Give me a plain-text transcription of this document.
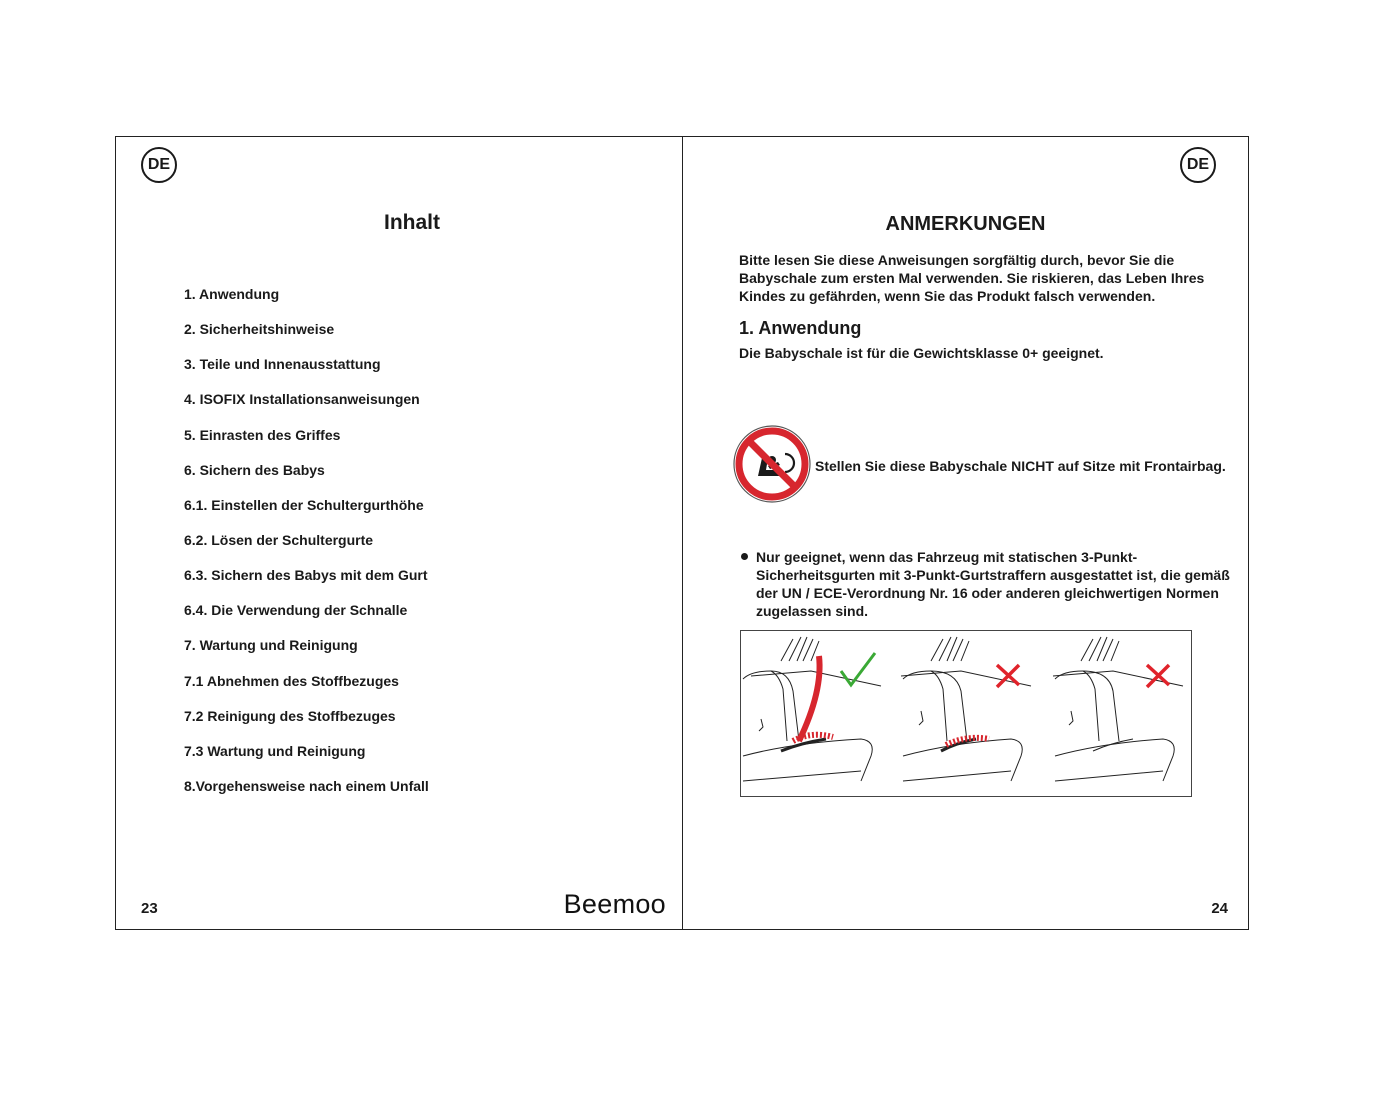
DE
Inhalt
1. Anwendung
2. Sicherheitshinweise
3. Teile und Innenausstattung
4. ISOFIX Installationsanweisungen
5. Einrasten des Griffes
6. Sichern des Babys
6.1. Einstellen der Schultergurthöhe
6.2. Lösen der Schultergurte
6.3. Sichern des Babys mit dem Gurt
6.4. Die Verwendung der Schnalle
7. Wartung und Reinigung
7.1 Abnehmen des Stoffbezuges
7.2 Reinigung des Stoffbezuges
7.3 Wartung und Reinigung
8.Vorgehensweise nach einem Unfall
23	Beemoo
DE
ANMERKUNGEN

Bitte lesen Sie diese Anweisungen sorgfältig durch, bevor Sie die Babyschale zum ersten Mal verwenden. Sie riskieren, das Leben Ihres Kindes zu gefährden, wenn Sie das Produkt falsch verwenden.

1. Anwendung
Die Babyschale ist für die Gewichtsklasse 0+ geeignet.
Stellen Sie diese Babyschale NICHT auf Sitze mit Frontairbag.
Nur geeignet, wenn das Fahrzeug mit statischen 3-Punkt-Sicherheitsgurten mit 3-Punkt-Gurtstraffern ausgestattet ist, die gemäß der UN / ECE-Verordnung Nr. 16 oder anderen gleichwertigen Normen zugelassen sind.
24
